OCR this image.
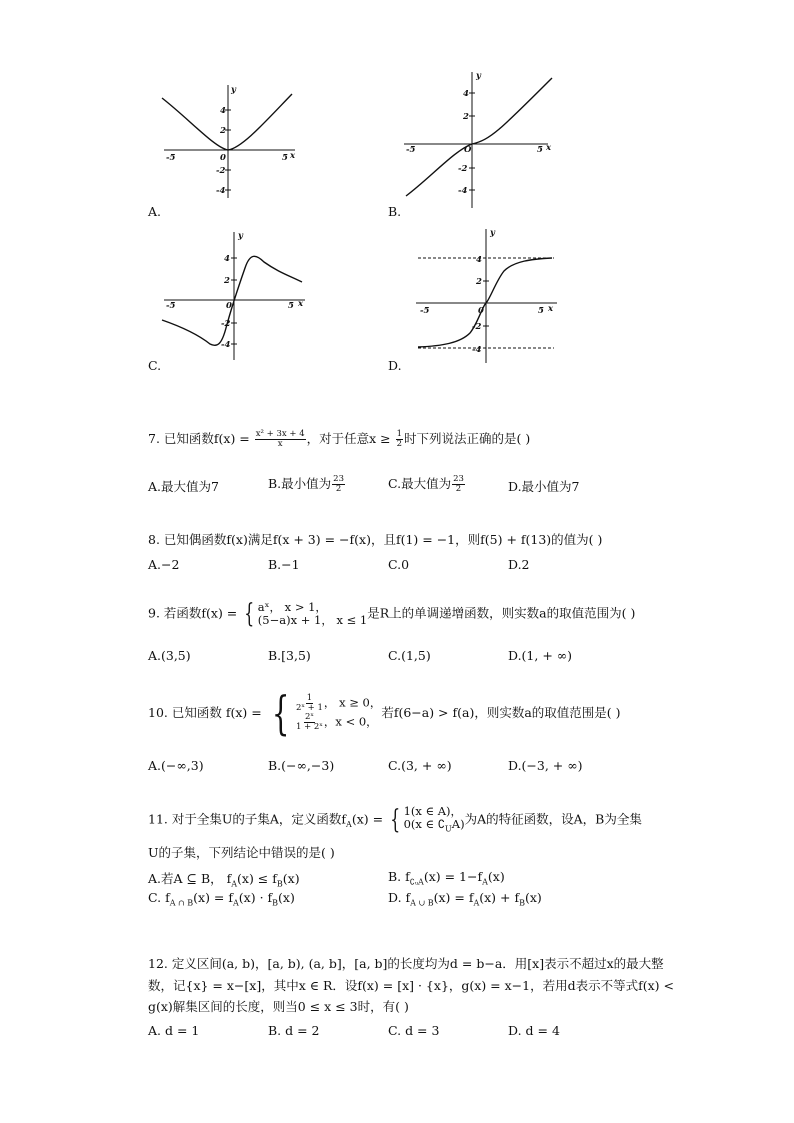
-5	5 x
y
4
2
-2
-4
0
A.
-5	5 x
y
4
2
-2
-4
O
B.
-5	5 x
y
4
2
-2
-4
0
C.
-5	5 x
y
4
2
-2
-4
0
D.
7. 已知函数$f(x) = \frac{\text{x² + 3x + 4}}{x}$ ，对于任意$x \ge \frac{1}{2}$ 时下列说法正确的是( )
A.最大值为7	B.最小值为 $\frac{23}{2}$	C.最大值为 $\frac{23}{2}$	D.最小值为7
8. 已知偶函数f(x)满足f(x + 3) = −f(x)，且f(1) = −1，则f(5) + f(13)的值为( )
A.−2	B.−1	C.0	D.2
9. 若函数f(x) = { aˣ， x > 1，
(5−a)x + 1， x ≤ 1 是R上的单调递增函数，则实数a的取值范围为( )
A.(3,5)	B.[3,5)	C.(1,5)	D.(1, + ∞)
10. 已知函数 f(x) = { $\frac{1}{\text{2ˣ + 1}}$ ， x ≥ 0，
$\frac{\text{2ˣ}}{\text{1 + 2ˣ}}$ ，x < 0，
若f(6−a) > f(a)，则实数a的取值范围是( )
A.(−∞,3)	B.(−∞,−3)	C.(3, + ∞)	D.(−3, + ∞)
11. 对于全集U的子集A，定义函数$f_A(x)$ = { 1(x ∈ A)，
0(x ∈ $∁_UA$) 为A的特征函数，设A，B为全集
U的子集，下列结论中错误的是( )
A.若A ⊆ B， $f_A(x) \le f_B(x)$	B. $f_{∁ᵤA}(x) = 1-f_A(x)$
C. $f_{A \cap B}(x) = f_A(x) \cdot f_B(x)$	D. $f_{A \cup B}(x) = f_A(x) + f_B(x)$
12. 定义区间(a, b)，[a, b), (a, b]，[a, b]的长度均为d = b−a．用[x]表示不超过x的最大整
数，记{x} = x−[x]，其中x ∈ R．设f(x) = [x] · {x}，g(x) = x−1，若用d表示不等式f(x) <
g(x)解集区间的长度，则当0 ≤ x ≤ 3时，有( )
A. d = 1	B. d = 2	C. d = 3	D. d = 4
